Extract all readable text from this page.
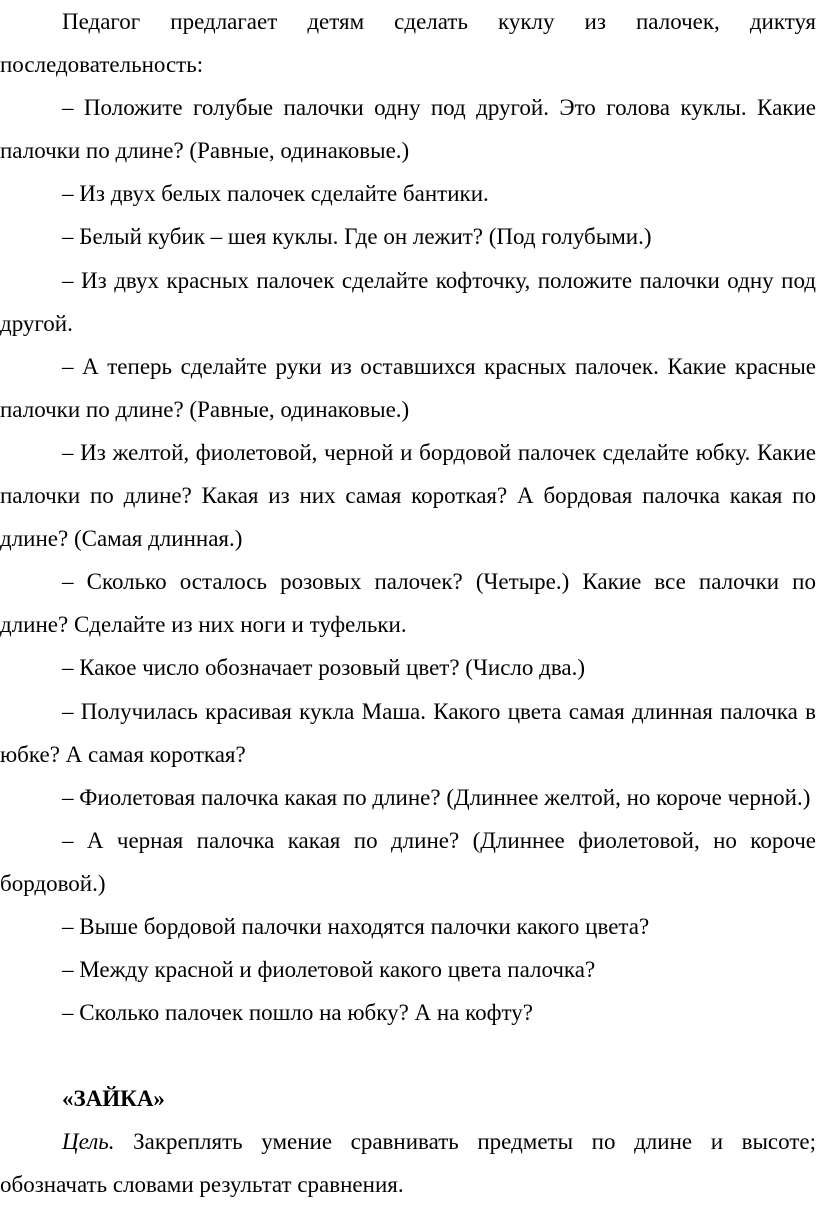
Педагог предлагает детям сделать куклу из палочек, диктуя последовательность:

– Положите голубые палочки одну под другой. Это голова куклы. Какие палочки по длине? (Равные, одинаковые.)

– Из двух белых палочек сделайте бантики.

– Белый кубик – шея куклы. Где он лежит? (Под голубыми.)

– Из двух красных палочек сделайте кофточку, положите палочки одну под другой.

– А теперь сделайте руки из оставшихся красных палочек. Какие красные палочки по длине? (Равные, одинаковые.)

– Из желтой, фиолетовой, черной и бордовой палочек сделайте юбку. Какие палочки по длине? Какая из них самая короткая? А бордовая палочка какая по длине? (Самая длинная.)

– Сколько осталось розовых палочек? (Четыре.) Какие все палочки по длине? Сделайте из них ноги и туфельки.

– Какое число обозначает розовый цвет? (Число два.)

– Получилась красивая кукла Маша. Какого цвета самая длинная палочка в юбке? А самая короткая?

– Фиолетовая палочка какая по длине? (Длиннее желтой, но короче черной.)

– А черная палочка какая по длине? (Длиннее фиолетовой, но короче бордовой.)

– Выше бордовой палочки находятся палочки какого цвета?

– Между красной и фиолетовой какого цвета палочка?

– Сколько палочек пошло на юбку? А на кофту?

«ЗАЙКА»

Цель. Закреплять умение сравнивать предметы по длине и высоте; обозначать словами результат сравнения.
